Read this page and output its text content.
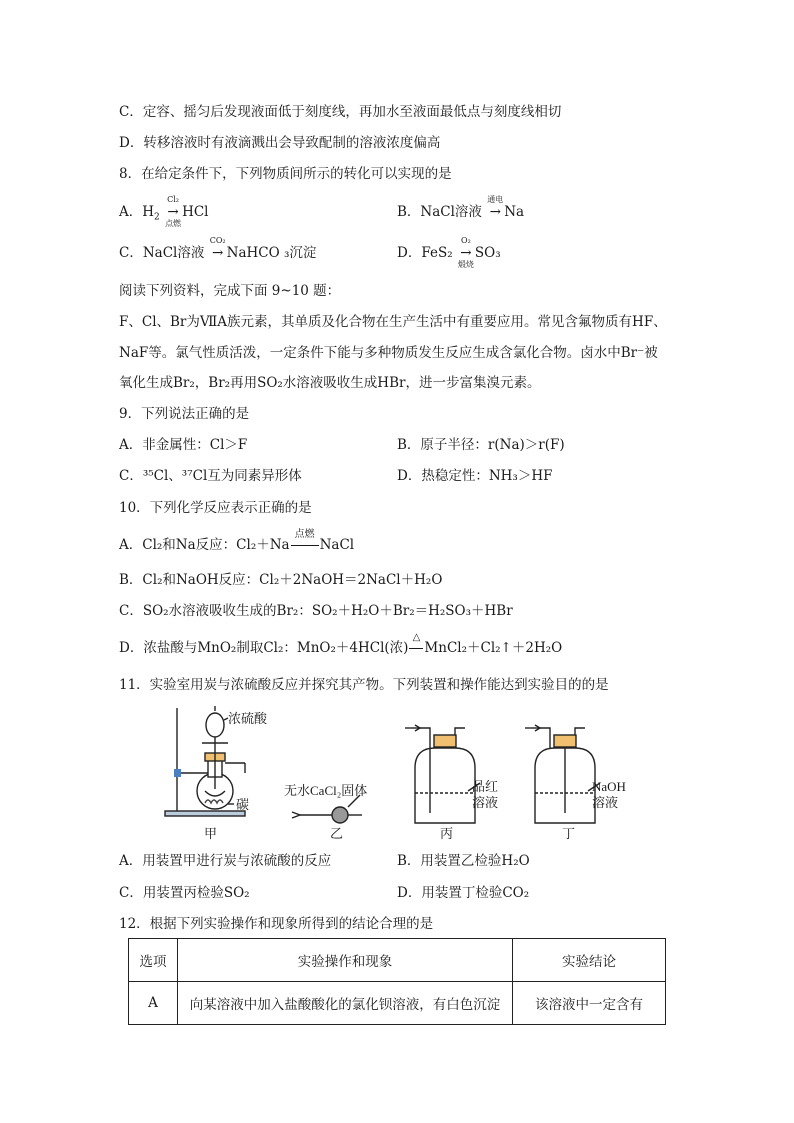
C．定容、摇匀后发现液面低于刻度线，再加水至液面最低点与刻度线相切
D．转移溶液时有液滴溅出会导致配制的溶液浓度偏高
8．在给定条件下，下列物质间所示的转化可以实现的是
A．$H_2$
Cl₂
→
点燃
HCl	B．NaCl溶液
通电
→Na
C．NaCl溶液
CO₂
→NaHCO ₃沉淀	D．FeS₂
O₂
→
煅烧
SO₃
阅读下列资料，完成下面 9~10 题：
F、Cl、Br为ⅦA族元素，其单质及化合物在生产生活中有重要应用。常见含氟物质有HF、
NaF等。氯气性质活泼，一定条件下能与多种物质发生反应生成含氯化合物。卤水中Br⁻被
氧化生成Br₂，Br₂再用SO₂水溶液吸收生成HBr，进一步富集溴元素。
9．下列说法正确的是
A．非金属性：Cl＞F	B．原子半径：r(Na)＞r(F)
C．³⁵Cl、³⁷Cl互为同素异形体	D．热稳定性：NH₃＞HF
10．下列化学反应表示正确的是
A．Cl₂和Na反应：Cl₂＋Na
点燃
NaCl
B．Cl₂和NaOH反应：Cl₂＋2NaOH＝2NaCl＋H₂O
C．SO₂水溶液吸收生成的Br₂：SO₂＋H₂O＋Br₂＝H₂SO₃＋HBr
D．浓盐酸与MnO₂制取Cl₂：MnO₂＋4HCl(浓)
△
MnCl₂＋Cl₂↑＋2H₂O
11．实验室用炭与浓硫酸反应并探究其产物。下列装置和操作能达到实验目的的是
浓硫酸
碳
甲
无水CaCl₂固体
乙
品红
溶液
丙
NaOH
溶液
丁
A．用装置甲进行炭与浓硫酸的反应	B．用装置乙检验H₂O
C．用装置丙检验SO₂	D．用装置丁检验CO₂
12．根据下列实验操作和现象所得到的结论合理的是
选项	实验操作和现象	实验结论
A	向某溶液中加入盐酸酸化的氯化钡溶液，有白色沉淀	该溶液中一定含有
